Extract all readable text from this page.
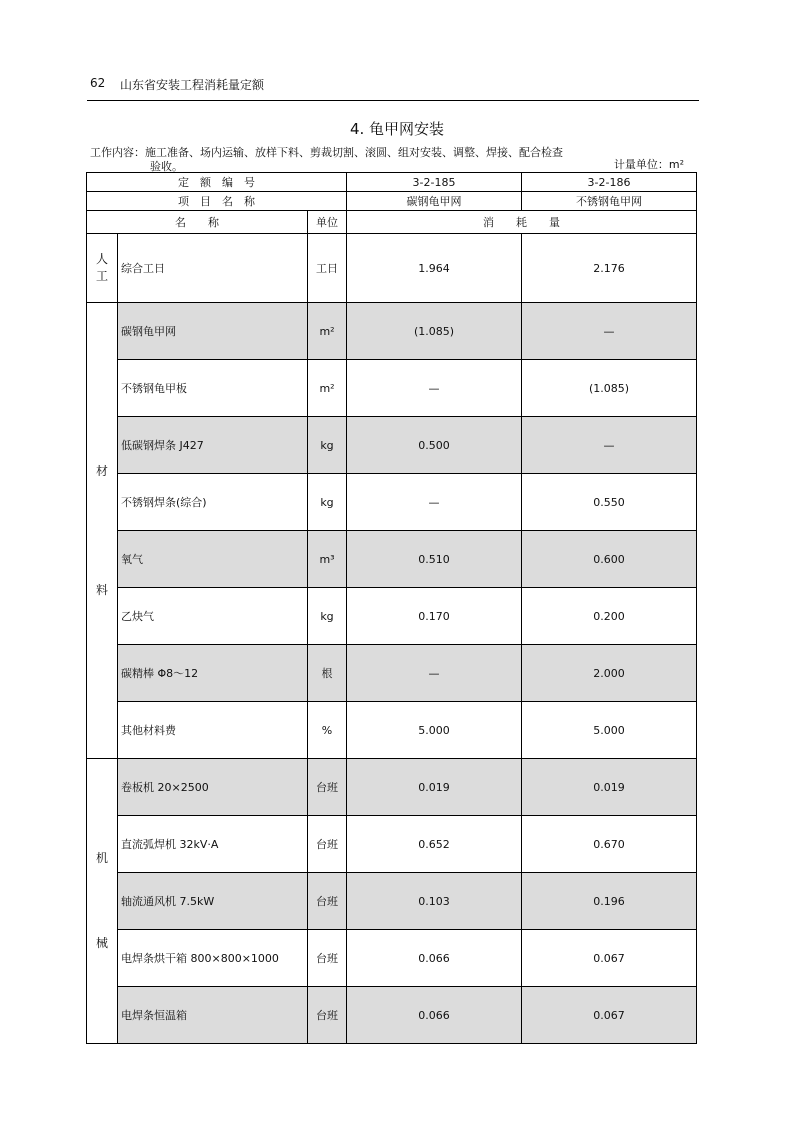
62 山东省安装工程消耗量定额
4. 龟甲网安装
工作内容：施工准备、场内运输、放样下料、剪裁切割、滚圆、组对安装、调整、焊接、配合检查
验收。	计量单位：m²
定　额　编　号			3-2-185	3-2-186
项　目　名　称			碳钢龟甲网	不锈钢龟甲网
名　　称		单位	消　　耗　　量	
人
工	综合工日	工日	1.964	2.176
材

料	碳钢龟甲网	m²	(1.085)	—
	不锈钢龟甲板	m²	—	(1.085)
	低碳钢焊条 J427	kg	0.500	—
	不锈钢焊条(综合)	kg	—	0.550
	氧气	m³	0.510	0.600
	乙炔气	kg	0.170	0.200
	碳精棒 Φ8～12	根	—	2.000
	其他材料费	%	5.000	5.000
机

械	卷板机 20×2500	台班	0.019	0.019
	直流弧焊机 32kV·A	台班	0.652	0.670
	轴流通风机 7.5kW	台班	0.103	0.196
	电焊条烘干箱 800×800×1000	台班	0.066	0.067
	电焊条恒温箱	台班	0.066	0.067
